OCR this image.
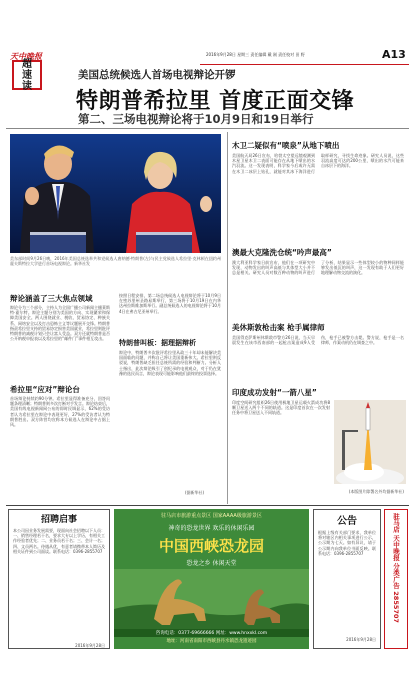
天中晚报
超速读
2016年9月28日 星期三 责任编辑 戴 刚 责任校对 田 野	A13
美国总统候选人首场电视辩论开锣
特朗普希拉里 首度正面交锋
第二、三场电视辩论将于10月9日和19日举行
美东部时间9月26日晚，2016年美国总统选举共和党候选人唐纳德·特朗普(左)与民主党候选人希拉里·克林顿在纽约州霍夫斯特拉大学进行首场电视辩论。新华社发
辩论涵盖了三大焦点领域
辩论分为三个部分，主持人为全国广播公司新闻主播莱斯特·霍尔特。辩论主题分别为美国的方向、实现繁荣和保障美国安全。两人围绕就业、税收、贸易协定、种族关系、网络安全以及打击恐怖主义等议题展开交锋。特朗普指责希拉里支持的贸易协定损害美国就业，希拉里则批评特朗普的减税计划只会让富人受益。双方还就特朗普是否公开纳税申报表以及希拉里的“邮件门”事件相互攻击。
希拉里“应对”辩论台
首场辩论持续约90分钟。希拉里显得准备充分，回答问题条理清晰；特朗普则多次打断对手发言。辩论结束后，美国有线电视新闻网公布的即时民调显示，62%的受访者认为希拉里在辩论中表现更好，27%的受访者认为特朗普胜出。双方阵营均宣称本方候选人在辩论中占据上风。
按照日程安排，第二场总统候选人电视辩论将于10月9日在密苏里州圣路易斯举行，第三场将于10月19日在内华达州拉斯维加斯举行。副总统候选人的电视辩论将于10月4日在弗吉尼亚州举行。
特朗普叫板：据理据辩析
辩论中，特朗普多次批评希拉里从政三十年却未能解决美国面临的问题，并称自己将让美国重新伟大。希拉里则反驳说，特朗普缺乏担任总统所需的经验和判断力。分析人士指出，此次辩论吸引了创纪录的电视观众，对于仍在犹豫的选民而言，辩论表现可能影响他们最终的投票选择。
(据新华社)
木卫二疑似有“喷泉”从地下喷出
美国航天局26日宣布，哈勃太空望远镜观测到木星卫星木卫二表面可能存在从地下喷出的水汽羽流。这一发现表明，科学家今后或许无需在木卫二冰层上钻孔，就能对其冰下海洋进行取样研究，寻找生命迹象。研究人员说，这些羽流高度可达约200公里，喷出的水汽可能来自冰层下的海洋。
澳最大克隆洗仓统“吟声最高”
澳大利亚科学家日前宣布，他们在一项研究中发现，动物发出的叫声高低与其体型大小并不总是相关。研究人员对数百种动物的叫声进行了分析，结果显示一些体型较小的物种同样能够发出低沉的叫声，这一发现有助于人们更好地理解动物交流的演化。
美休斯敦枪击案 枪手属律师
美国得克萨斯州休斯敦市警方26日说，当天早晨发生在该市西南部的一起枪击案造成9人受伤，枪手已被警方击毙。警方说，枪手是一名律师，作案动机仍在调查之中。
印度成功发射“一箭八星”
印度空间研究组织26日使用极地卫星运载火箭成功将8颗卫星送入两个不同的轨道。这是印度首次在一次发射任务中将卫星送入不同轨道。
(本版图片除署名外均据新华社)
招聘启事
本公司因业务发展需要，现面向社会招聘以下人员：一、销售经理若干名，要求大专以上学历，有相关工作经验者优先；二、业务员若干名；三、会计一名；四、文员两名。待遇从优，有意者请携带本人简历及相关证件到公司面谈。联系电话：0396-2855707
2016年9月28日
驻马店市旅游重点景区 国家AAAA级旅游景区
神奇的恐龙世界 欢乐的休闲乐园
中国西峡恐龙园
恐龙之乡 休闲天堂
咨询电话：0377-69666666 网址：www.hnxxkl.com
地址：河南省南阳市西峡县丹水镇恐龙遗迹园
公告
根据上级有关部门要求，我单位将对辖区内相关事项进行公示，公示期为七天。如有异议，请于公示期内向我单位书面反映。联系电话：0396-2855707
2016年9月28日
驻马店 天中晚报 分类广告 2855707
